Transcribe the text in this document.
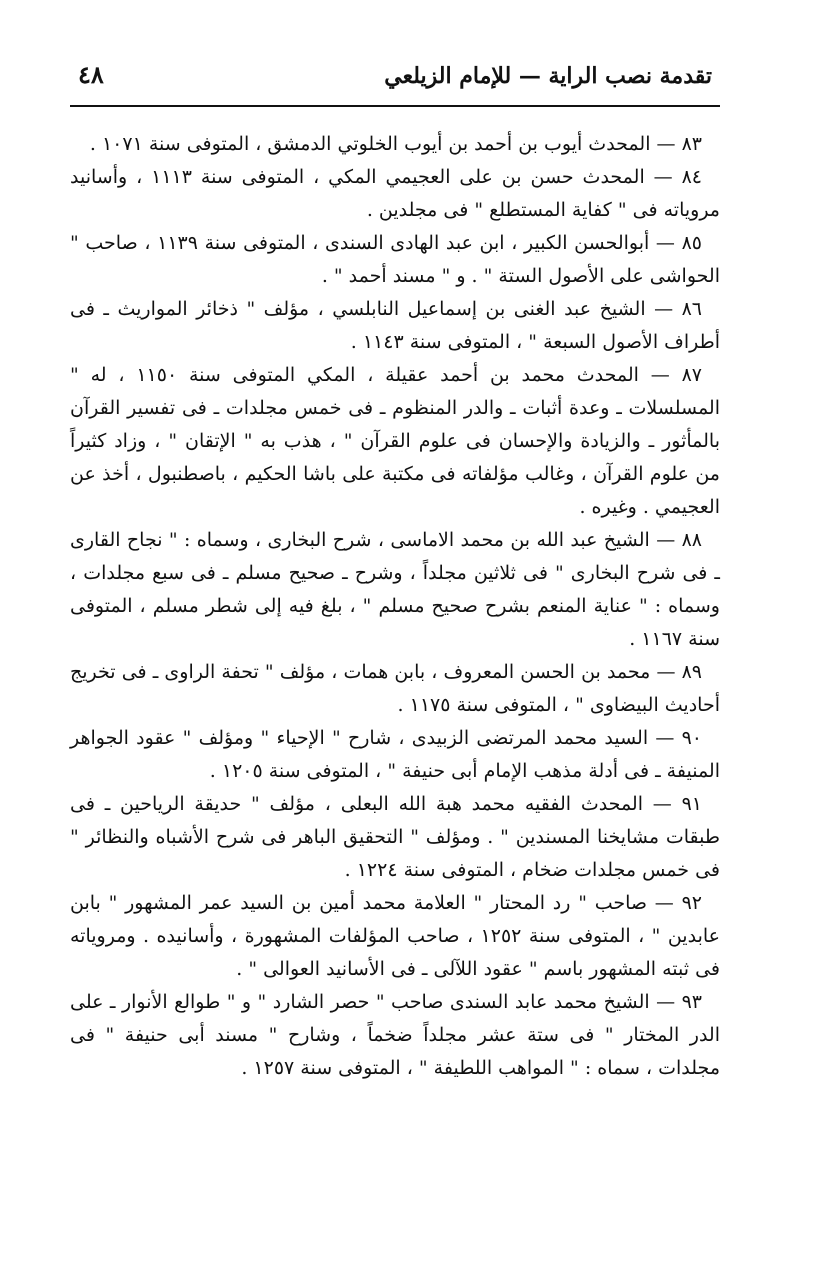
تقدمة نصب الراية — للإمام الزيلعي
٤٨

٨٣ — المحدث أيوب بن أحمد بن أيوب الخلوتي الدمشق ، المتوفى سنة ١٠٧١ .

٨٤ — المحدث حسن بن على العجيمي المكي ، المتوفى سنة ١١١٣ ، وأسانيد مروياته فى " كفاية المستطلع " فى مجلدين .

٨٥ — أبوالحسن الكبير ، ابن عبد الهادى السندى ، المتوفى سنة ١١٣٩ ، صاحب " الحواشى على الأصول الستة " . و " مسند أحمد " .

٨٦ — الشيخ عبد الغنى بن إسماعيل النابلسي ، مؤلف " ذخائر المواريث ـ فى أطراف الأصول السبعة " ، المتوفى سنة ١١٤٣ .

٨٧ — المحدث محمد بن أحمد عقيلة ، المكي المتوفى سنة ١١٥٠ ، له " المسلسلات ـ وعدة أثبات ـ والدر المنظوم ـ فى خمس مجلدات ـ فى تفسير القرآن بالمأثور ـ والزيادة والإحسان فى علوم القرآن " ، هذب به " الإتقان " ، وزاد كثيراً من علوم القرآن ، وغالب مؤلفاته فى مكتبة على باشا الحكيم ، باصطنبول ، أخذ عن العجيمي . وغيره .

٨٨ — الشيخ عبد الله بن محمد الاماسى ، شرح البخارى ، وسماه : " نجاح القارى ـ فى شرح البخارى " فى ثلاثين مجلداً ، وشرح ـ صحيح مسلم ـ فى سبع مجلدات ، وسماه : " عناية المنعم بشرح صحيح مسلم " ، بلغ فيه إلى شطر مسلم ، المتوفى سنة ١١٦٧ .

٨٩ — محمد بن الحسن المعروف ، بابن همات ، مؤلف " تحفة الراوى ـ فى تخريج أحاديث البيضاوى " ، المتوفى سنة ١١٧٥ .

٩٠ — السيد محمد المرتضى الزبيدى ، شارح " الإحياء " ومؤلف " عقود الجواهر المنيفة ـ فى أدلة مذهب الإمام أبى حنيفة " ، المتوفى سنة ١٢٠٥ .

٩١ — المحدث الفقيه محمد هبة الله البعلى ، مؤلف " حديقة الرياحين ـ فى طبقات مشايخنا المسندين " . ومؤلف " التحقيق الباهر فى شرح الأشباه والنظائر " فى خمس مجلدات ضخام ، المتوفى سنة ١٢٢٤ .

٩٢ — صاحب " رد المحتار " العلامة محمد أمين بن السيد عمر المشهور " بابن عابدين " ، المتوفى سنة ١٢٥٢ ، صاحب المؤلفات المشهورة ، وأسانيده . ومروياته فى ثبته المشهور باسم " عقود اللآلى ـ فى الأسانيد العوالى " .

٩٣ — الشيخ محمد عابد السندى صاحب " حصر الشارد " و " طوالع الأنوار ـ على الدر المختار " فى ستة عشر مجلداً ضخماً ، وشارح " مسند أبى حنيفة " فى مجلدات ، سماه : " المواهب اللطيفة " ، المتوفى سنة ١٢٥٧ .
